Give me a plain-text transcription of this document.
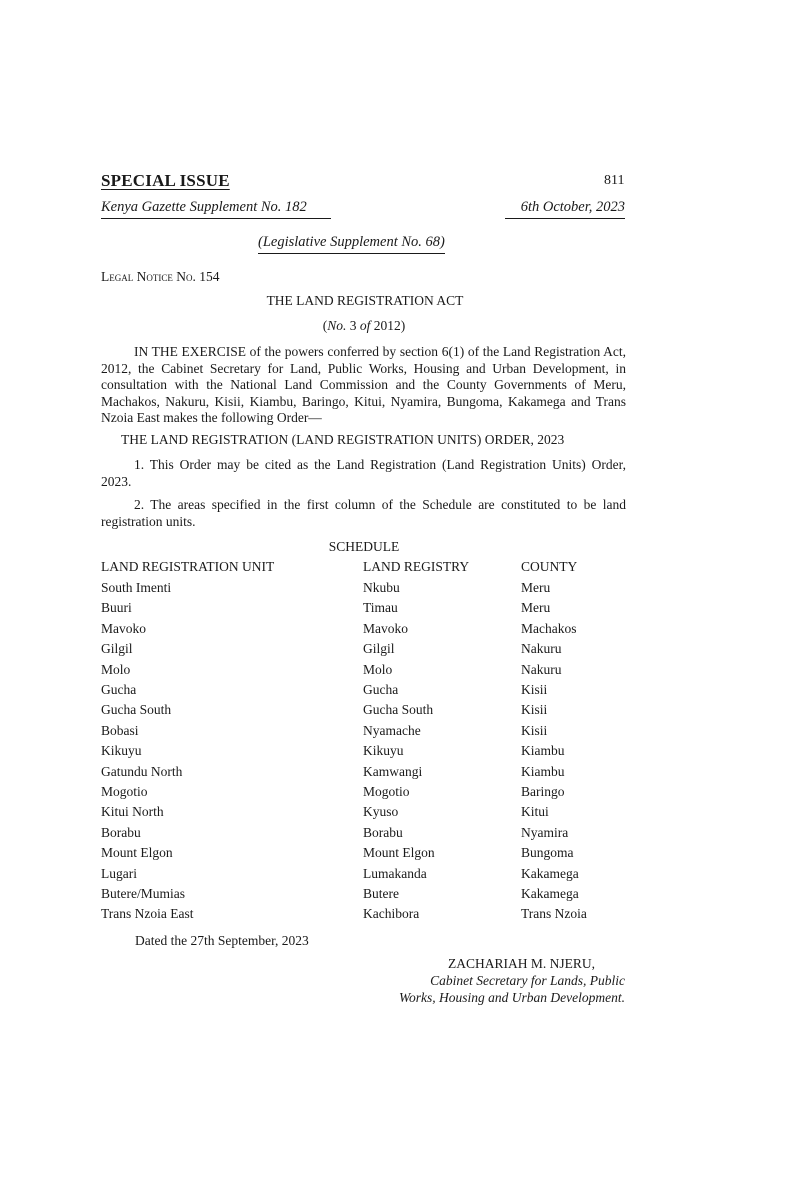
SPECIAL ISSUE	811
Kenya Gazette Supplement No. 182	6th October, 2023
(Legislative Supplement No. 68)
Legal Notice No. 154
THE LAND REGISTRATION ACT
(No. 3 of 2012)
IN THE EXERCISE of the powers conferred by section 6(1) of the Land Registration Act, 2012, the Cabinet Secretary for Land, Public Works, Housing and Urban Development, in consultation with the National Land Commission and the County Governments of Meru, Machakos, Nakuru, Kisii, Kiambu, Baringo, Kitui, Nyamira, Bungoma, Kakamega and Trans Nzoia East makes the following Order—
THE LAND REGISTRATION (LAND REGISTRATION UNITS) ORDER, 2023
1. This Order may be cited as the Land Registration (Land Registration Units) Order, 2023.
2. The areas specified in the first column of the Schedule are constituted to be land registration units.
SCHEDULE
LAND REGISTRATION UNIT	LAND REGISTRY	COUNTY
South Imenti	Nkubu	Meru
Buuri	Timau	Meru
Mavoko	Mavoko	Machakos
Gilgil	Gilgil	Nakuru
Molo	Molo	Nakuru
Gucha	Gucha	Kisii
Gucha South	Gucha South	Kisii
Bobasi	Nyamache	Kisii
Kikuyu	Kikuyu	Kiambu
Gatundu North	Kamwangi	Kiambu
Mogotio	Mogotio	Baringo
Kitui North	Kyuso	Kitui
Borabu	Borabu	Nyamira
Mount Elgon	Mount Elgon	Bungoma
Lugari	Lumakanda	Kakamega
Butere/Mumias	Butere	Kakamega
Trans Nzoia East	Kachibora	Trans Nzoia
Dated the 27th September, 2023
ZACHARIAH M. NJERU,
Cabinet Secretary for Lands, Public
Works, Housing and Urban Development.
